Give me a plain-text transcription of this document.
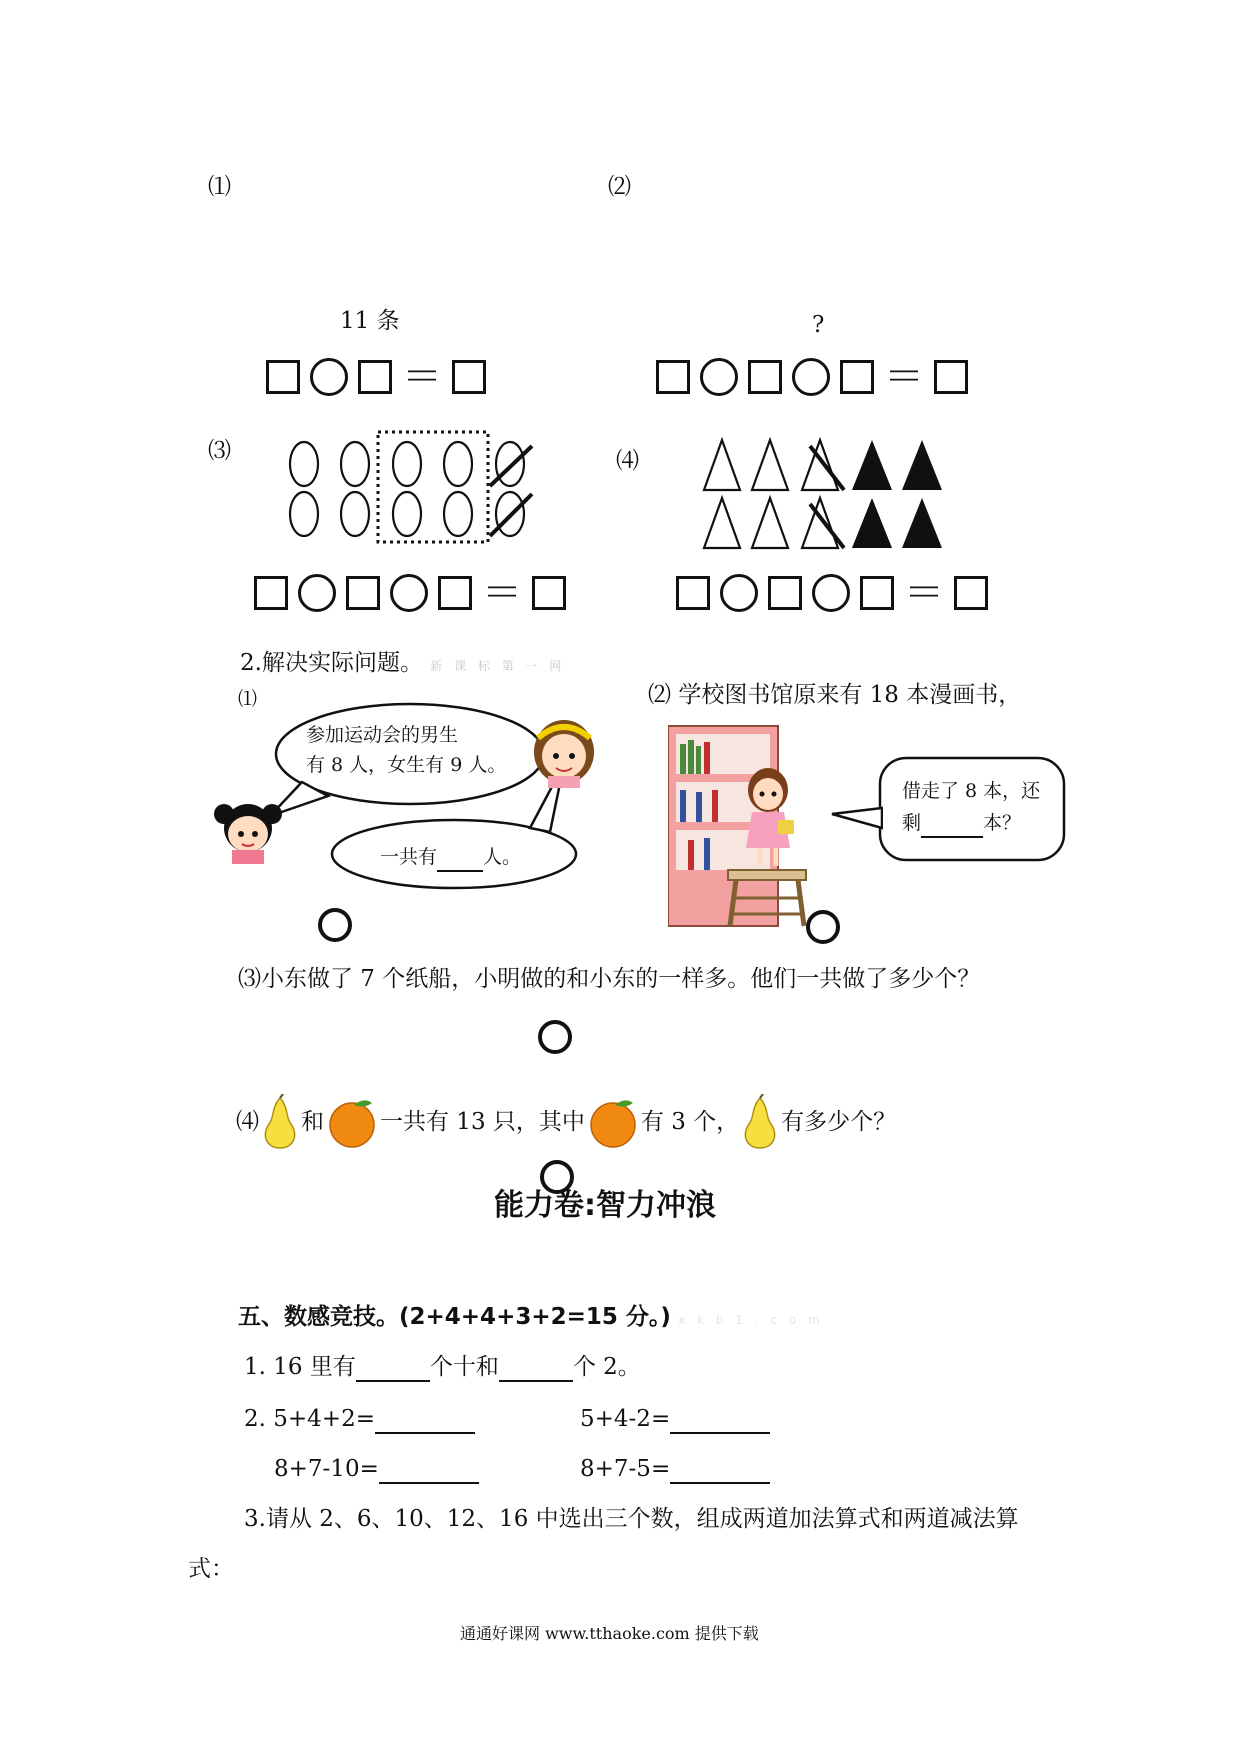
⑴	⑵
11 条	?
＝	＝
⑶
＝
⑷
＝
2.解决实际问题。 新 课 标 第 一 网
⑴
参加运动会的男生
有 8 人，女生有 9 人。
一共有 人。
⑵ 学校图书馆原来有 18 本漫画书，
借走了 8 本，还
剩	本？
⑶小东做了 7 个纸船，小明做的和小东的一样多。他们一共做了多少个？
⑷ 和 一共有 13 只，其中 有 3 个， 有多少个？
能力卷:智力冲浪
五、数感竞技。(2+4+4+3+2=15 分。) x k b 1 . c o m
1. 16 里有	个十和	个 2。
2. 5+4+2=	5+4-2=
8+7-10=	8+7-5=
3.请从 2、6、10、12、16 中选出三个数，组成两道加法算式和两道减法算
式：
通通好课网 www.tthaoke.com 提供下载
